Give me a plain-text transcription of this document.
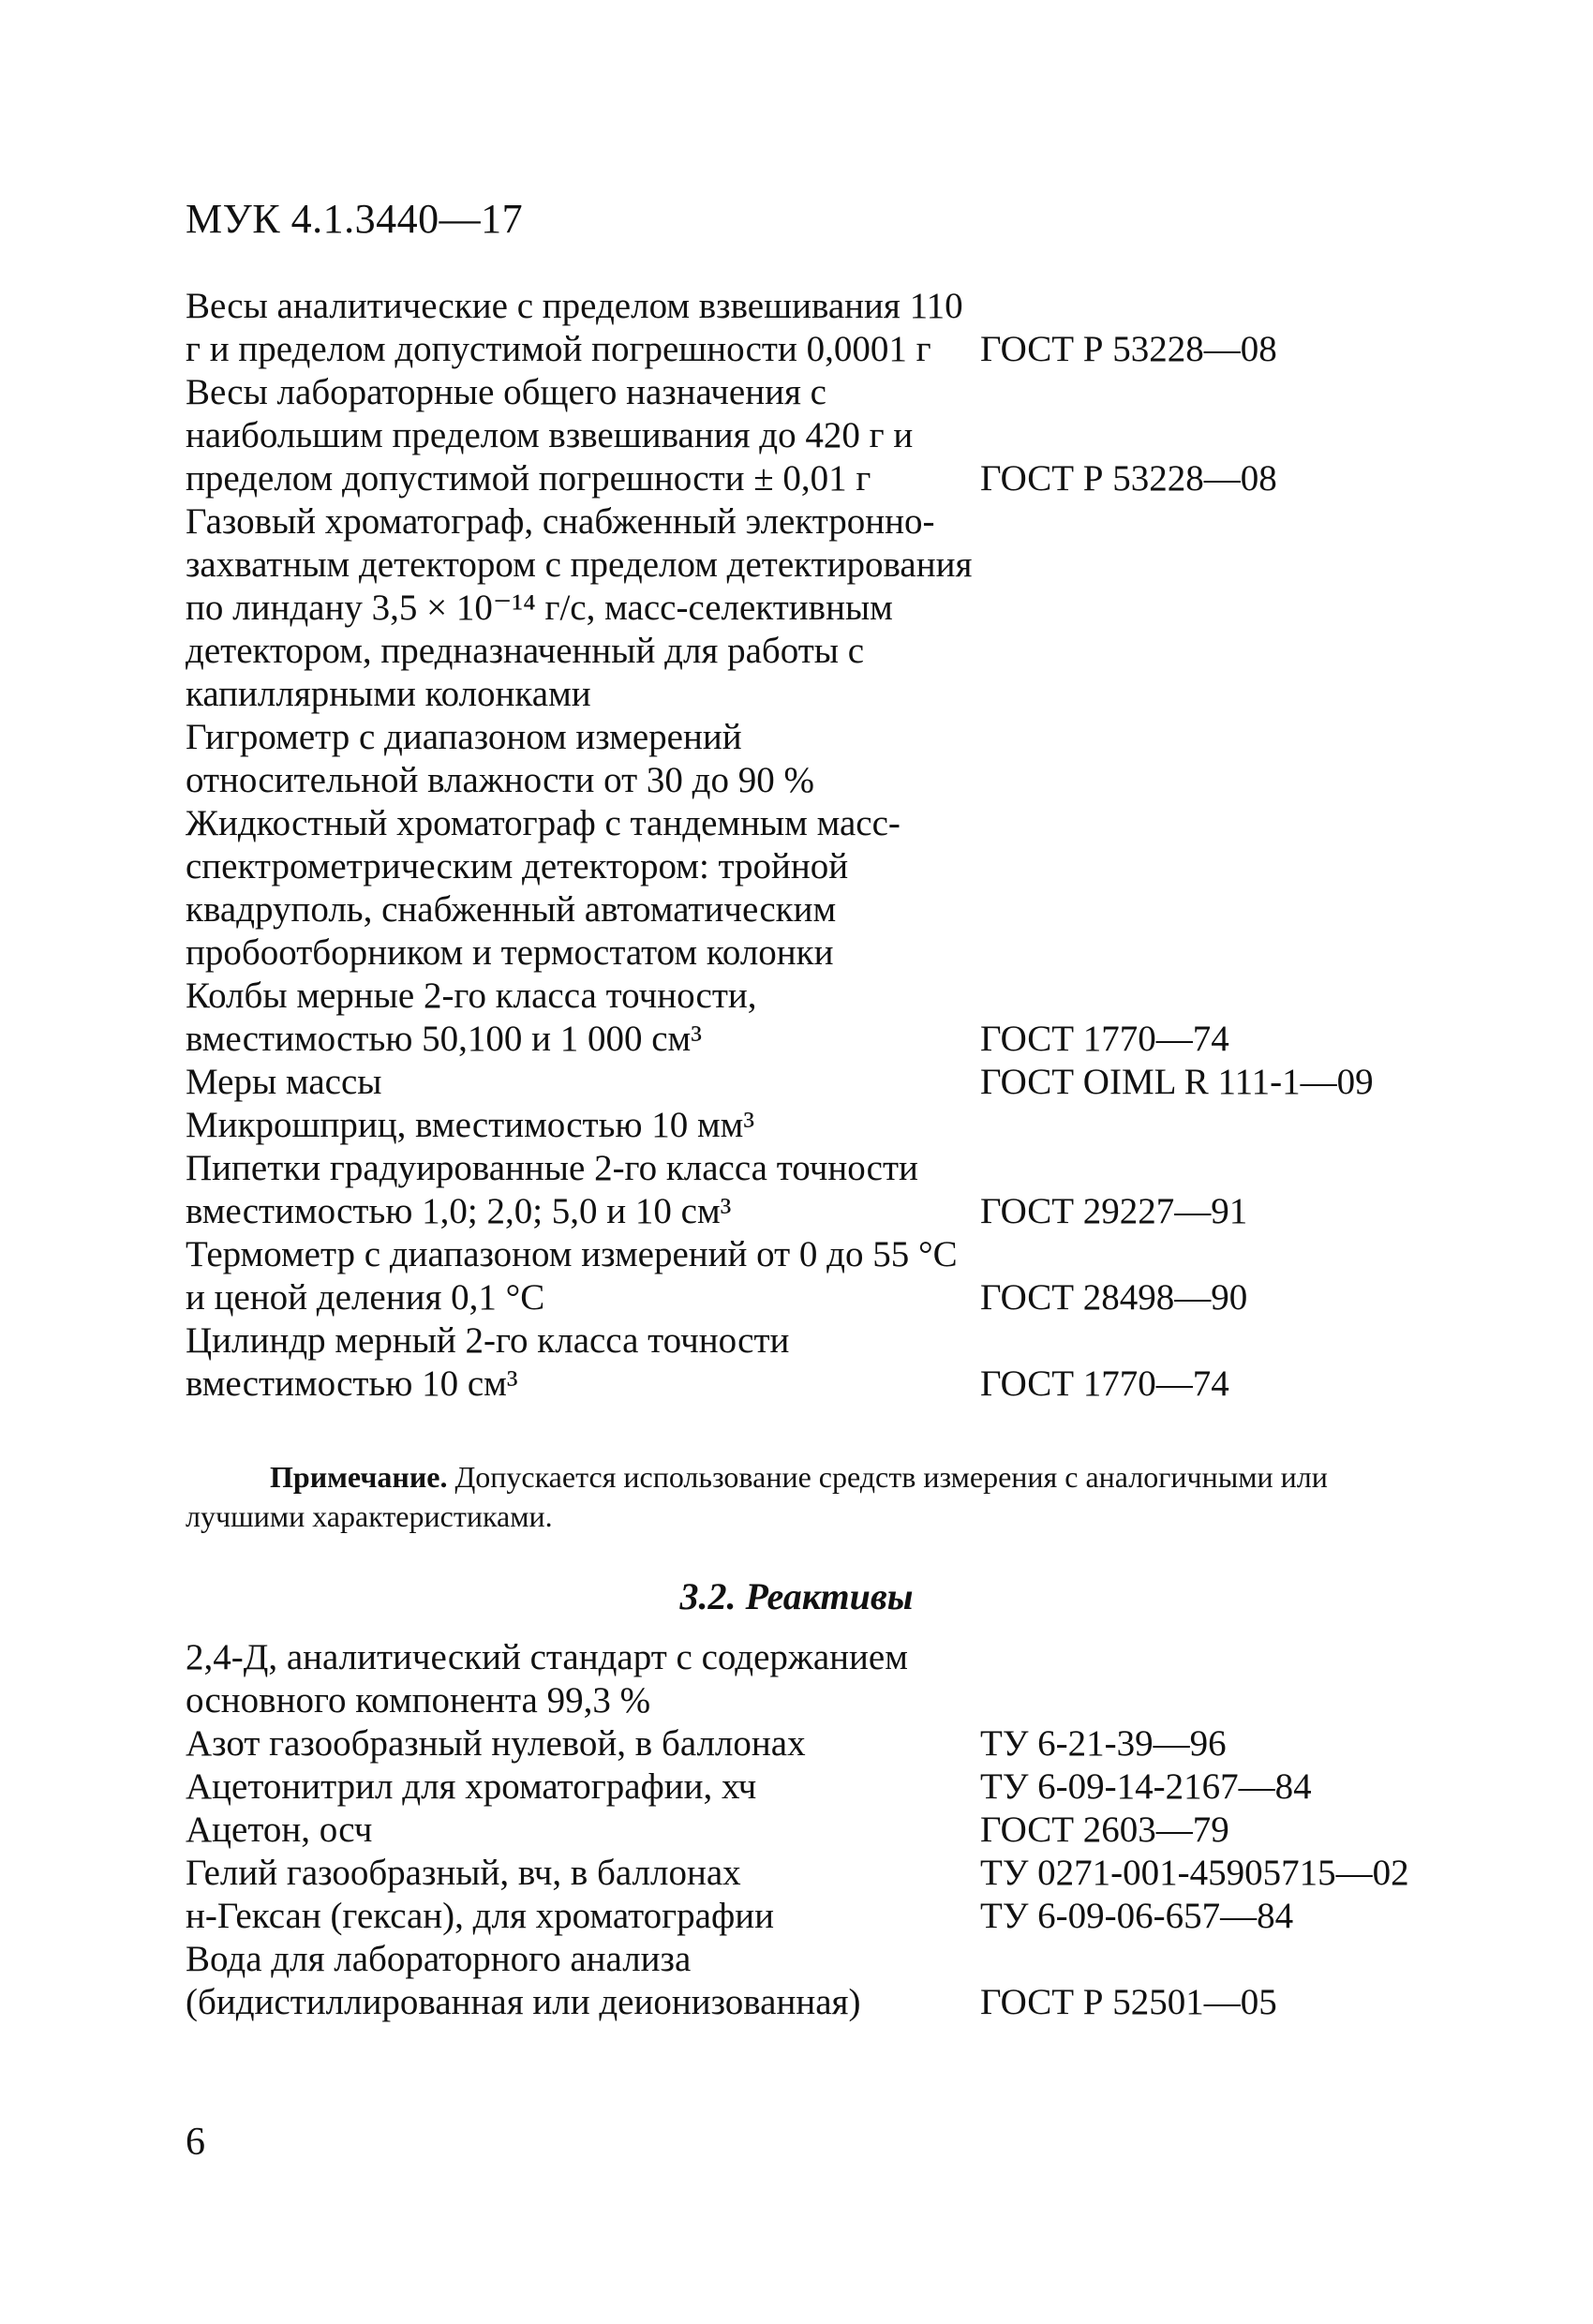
МУК 4.1.3440—17
Весы аналитические с пределом взвешивания 110 г и пределом допустимой погрешности 0,0001 г	ГОСТ Р 53228—08
Весы лабораторные общего назначения с наибольшим пределом взвешивания до 420 г и пределом допустимой погрешности ± 0,01 г	ГОСТ Р 53228—08
Газовый хроматограф, снабженный электронно-захватным детектором с пределом детектирования по линдану 3,5 × 10⁻¹⁴ г/с, масс-селективным детектором, предназначенный для работы с капиллярными колонками
Гигрометр с диапазоном измерений относительной влажности от 30 до 90 %
Жидкостный хроматограф с тандемным масс-спектрометрическим детектором: тройной квадруполь, снабженный автоматическим пробоотборником и термостатом колонки
Колбы мерные 2-го класса точности, вместимостью 50,100 и 1 000 см³	ГОСТ 1770—74
Меры массы	ГОСТ OIML R 111-1—09
Микрошприц, вместимостью 10 мм³
Пипетки градуированные 2-го класса точности вместимостью 1,0; 2,0; 5,0 и 10 см³	ГОСТ 29227—91
Термометр с диапазоном измерений от 0 до 55 °С и ценой деления 0,1 °С	ГОСТ 28498—90
Цилиндр мерный 2-го класса точности вместимостью 10 см³	ГОСТ 1770—74
Примечание. Допускается использование средств измерения с аналогичными или лучшими характеристиками.
3.2. Реактивы
2,4-Д, аналитический стандарт с содержанием основного компонента 99,3 %
Азот газообразный нулевой, в баллонах	ТУ 6-21-39—96
Ацетонитрил для хроматографии, хч	ТУ 6-09-14-2167—84
Ацетон, осч	ГОСТ 2603—79
Гелий газообразный, вч, в баллонах	ТУ 0271-001-45905715—02
н-Гексан (гексан), для хроматографии	ТУ 6-09-06-657—84
Вода для лабораторного анализа (бидистиллированная или деионизованная)	ГОСТ Р 52501—05
6
